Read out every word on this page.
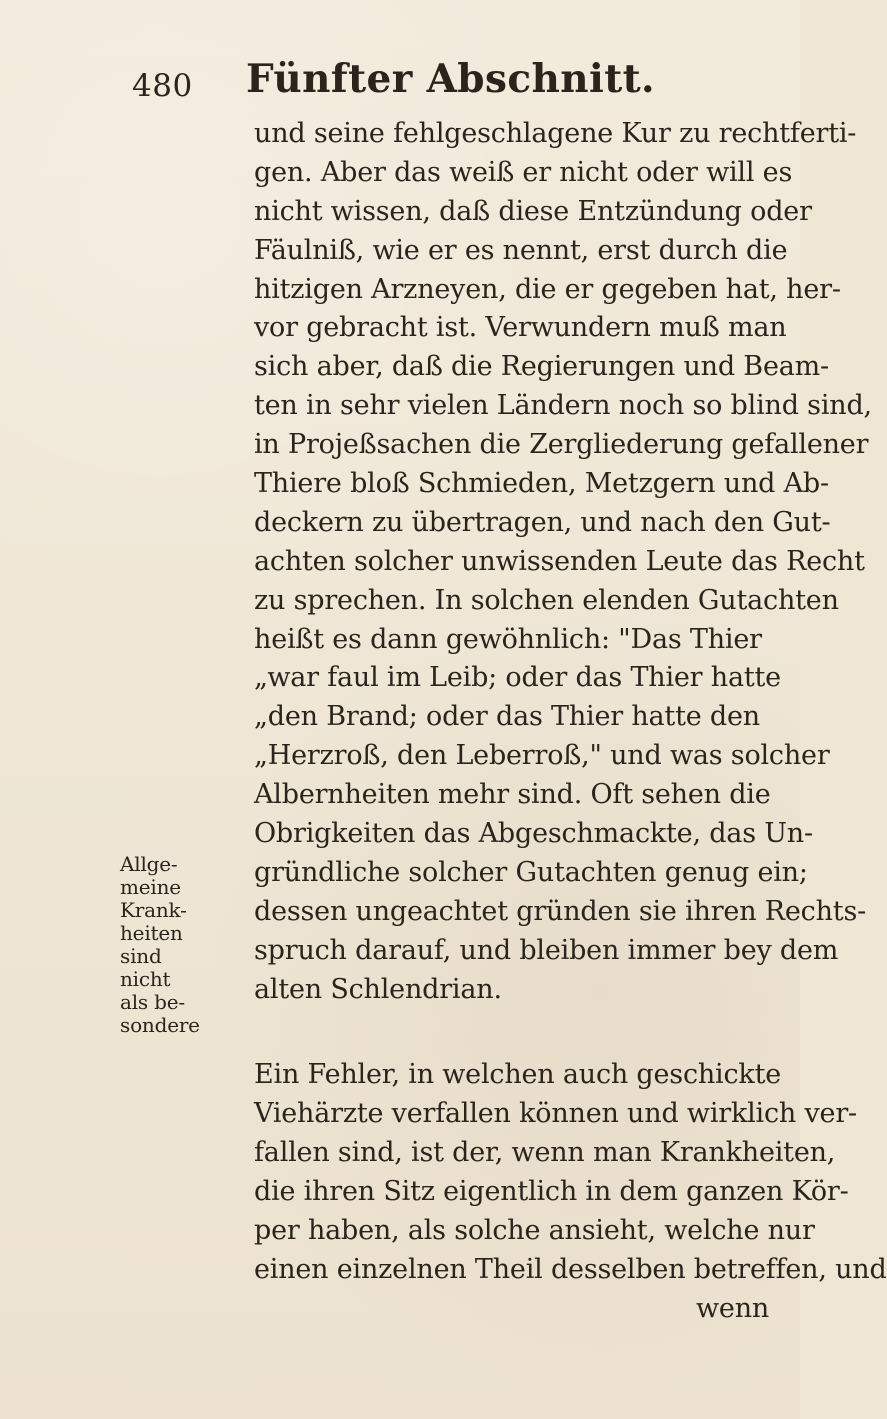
480 Fünfter Abschnitt.
und seine fehlgeschlagene Kur zu rechtferti-
gen. Aber das weiß er nicht oder will es
nicht wissen, daß diese Entzündung oder
Fäulniß, wie er es nennt, erst durch die
hitzigen Arzneyen, die er gegeben hat, her-
vor gebracht ist. Verwundern muß man
sich aber, daß die Regierungen und Beam-
ten in sehr vielen Ländern noch so blind sind,
in Projeßsachen die Zergliederung gefallener
Thiere bloß Schmieden, Metzgern und Ab-
deckern zu übertragen, und nach den Gut-
achten solcher unwissenden Leute das Recht
zu sprechen. In solchen elenden Gutachten
heißt es dann gewöhnlich: "Das Thier
„war faul im Leib; oder das Thier hatte
„den Brand; oder das Thier hatte den
„Herzroß, den Leberroß," und was solcher
Albernheiten mehr sind. Oft sehen die
Obrigkeiten das Abgeschmackte, das Un-
gründliche solcher Gutachten genug ein;
dessen ungeachtet gründen sie ihren Rechts-
spruch darauf, und bleiben immer bey dem
alten Schlendrian.
Ein Fehler, in welchen auch geschickte
Viehärzte verfallen können und wirklich ver-
fallen sind, ist der, wenn man Krankheiten,
die ihren Sitz eigentlich in dem ganzen Kör-
per haben, als solche ansieht, welche nur
einen einzelnen Theil desselben betreffen, und
wenn
Allge-
meine
Krank-
heiten
sind
nicht
als be-
sondere
